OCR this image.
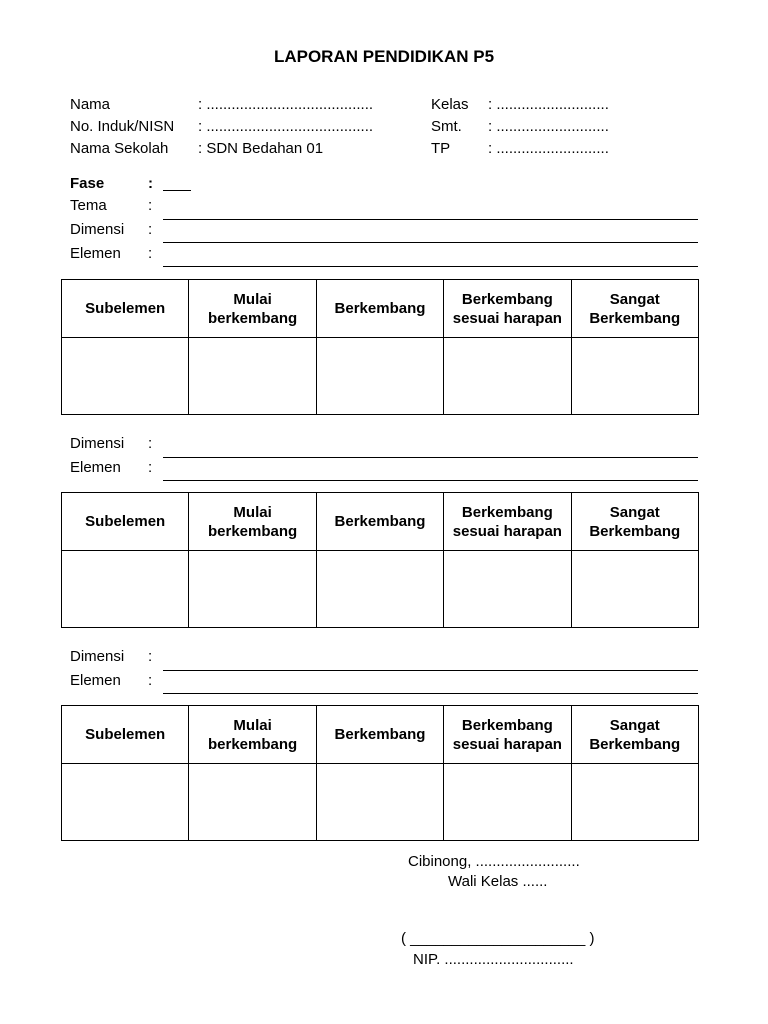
LAPORAN PENDIDIKAN P5
Nama	: ........................................
No. Induk/NISN : ........................................
Nama Sekolah : SDN Bedahan 01
Kelas : ...........................
Smt. : ...........................
TP	: ...........................
Fase	:
Tema	:
Dimensi :
Elemen :
Subelemen	Mulai berkembang	Berkembang	Berkembang sesuai harapan	Sangat Berkembang

Dimensi :
Elemen :
Subelemen	Mulai berkembang	Berkembang	Berkembang sesuai harapan	Sangat Berkembang

Dimensi :
Elemen :
Subelemen	Mulai berkembang	Berkembang	Berkembang sesuai harapan	Sangat Berkembang

Cibinong, .........................
Wali Kelas ......
( _____________________ )
NIP. ...............................
